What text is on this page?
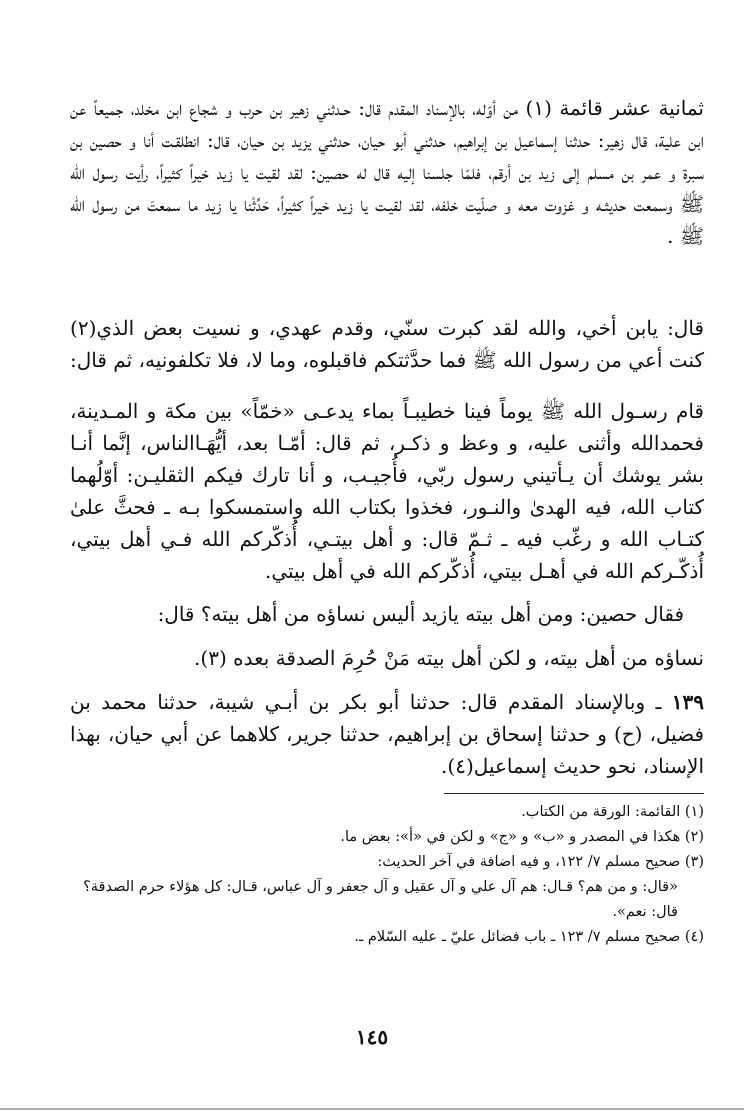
ثمانية عشر قائمة (١) من أوّله، بالإسناد المقدم قال: حـدثني زهير بن حرب و شجاع ابن مخلد، جميعاً عن ابن علية، قال زهير: حدثنا إسماعيل بن إبراهيم، حدثني أبو حيان، حدثني يزيد بن حيان، قال: انطلقـت أنا و حصين بن سبرة و عمر بن مسلم إلى زيد بن أرقم، فلمّا جلسنا إليه قال له حصين: لقد لقيت يا زيد خيراً كثيراً، رأيت رسول الله ﷺ وسمعت حديثـه و غزوت معه و صلّيت خلفه، لقد لقيـت يا زيد خيراً كثيراً، حَدِّثْنا يا زيد ما سمعتَ من رسول الله ﷺ .

قال: يابن أخي، والله لقد كبرت سنّي، وقدم عهدي، و نسيت بعض الذي(٢) كنت أعي من رسول الله ﷺ فما حدَّثتكم فاقبلوه، وما لا، فلا تكلفونيه، ثم قال:

قام رسـول الله ﷺ يوماً فينا خطيبـاً بماء يدعـى «خمّاً» بين مكة و المـدينة، فحمدالله وأثنى عليه، و وعظ و ذكـر، ثم قال: أمّـا بعد، أيُّهَـاالناس، إنَّما أنـا بشر يوشك أن يـأتيني رسول ربّي، فأُجيـب، و أنا تارك فيكم الثقليـن: أوّلُهما كتاب الله، فيه الهدىٰ والنـور، فخذوا بكتاب الله واستمسكوا بـه ـ فحثَّ علىٰ كتـاب الله و رغّب فيه ـ ثـمّ قال: و أهل بيتـي، أُذكّركم الله فـي أهل بيتي، أُذكّـركم الله في أهـل بيتي، أُذكّركم الله في أهل بيتي.

فقال حصين: ومن أهل بيته يازيد أليس نساؤه من أهل بيته؟ قال:

نساؤه من أهل بيته، و لكن أهل بيته مَنْ حُرِمَ الصدقة بعده (٣).

١٣٩ ـ وبالإسناد المقدم قال: حدثنا أبو بكر بن أبـي شيبة، حدثنا محمد بن فضيل، (ح) و حدثنا إسحاق بن إبراهيم، حدثنا جرير، كلاهما عن أبي حيان، بهذا الإسناد، نحو حديث إسماعيل(٤).

(١) القائمة: الورقة من الكتاب.

(٢) هكذا في المصدر و «ب» و «ج» و لكن في «أ»: بعض ما.

(٣) صحيح مسلم ٧/ ١٢٢، و فيه اضافة في آخر الحديث:

«قال: و من هم؟ قـال: هم آل علي و آل عقيل و آل جعفر و آل عباس، قـال: كل هؤلاء حرم الصدقة؟ قال: نعم».

(٤) صحيح مسلم ٧/ ١٢٣ ـ باب فضائل عليّ ـ عليه السّلام ـ.

١٤٥
